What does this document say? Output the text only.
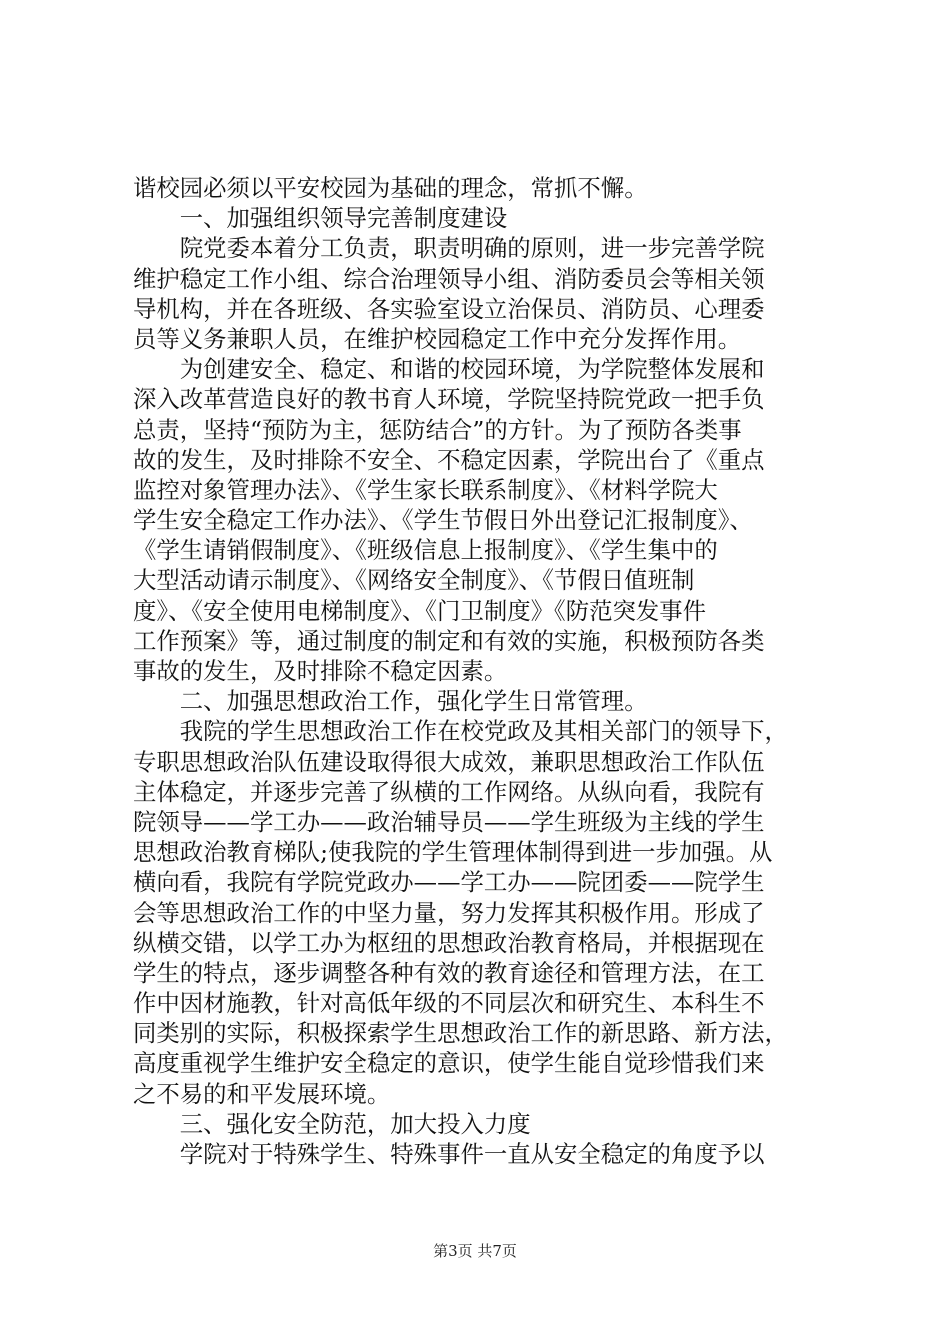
谐校园必须以平安校园为基础的理念，常抓不懈。
　　一、加强组织领导完善制度建设
　　院党委本着分工负责，职责明确的原则，进一步完善学院
维护稳定工作小组、综合治理领导小组、消防委员会等相关领
导机构，并在各班级、各实验室设立治保员、消防员、心理委
员等义务兼职人员，在维护校园稳定工作中充分发挥作用。
　　为创建安全、稳定、和谐的校园环境，为学院整体发展和
深入改革营造良好的教书育人环境，学院坚持院党政一把手负
总责，坚持“预防为主，惩防结合”的方针。为了预防各类事
故的发生，及时排除不安全、不稳定因素，学院出台了《重点
监控对象管理办法》、《学生家长联系制度》、《材料学院大
学生安全稳定工作办法》、《学生节假日外出登记汇报制度》、
《学生请销假制度》、《班级信息上报制度》、《学生集中的
大型活动请示制度》、《网络安全制度》、《节假日值班制
度》、《安全使用电梯制度》、《门卫制度》《防范突发事件
工作预案》等，通过制度的制定和有效的实施，积极预防各类
事故的发生，及时排除不稳定因素。
　　二、加强思想政治工作，强化学生日常管理。
　　我院的学生思想政治工作在校党政及其相关部门的领导下，
专职思想政治队伍建设取得很大成效，兼职思想政治工作队伍
主体稳定，并逐步完善了纵横的工作网络。从纵向看，我院有
院领导——学工办——政治辅导员——学生班级为主线的学生
思想政治教育梯队;使我院的学生管理体制得到进一步加强。从
横向看，我院有学院党政办——学工办——院团委——院学生
会等思想政治工作的中坚力量，努力发挥其积极作用。形成了
纵横交错，以学工办为枢纽的思想政治教育格局，并根据现在
学生的特点，逐步调整各种有效的教育途径和管理方法，在工
作中因材施教，针对高低年级的不同层次和研究生、本科生不
同类别的实际，积极探索学生思想政治工作的新思路、新方法，
高度重视学生维护安全稳定的意识，使学生能自觉珍惜我们来
之不易的和平发展环境。
　　三、强化安全防范，加大投入力度
　　学院对于特殊学生、特殊事件一直从安全稳定的角度予以
第3页 共7页
